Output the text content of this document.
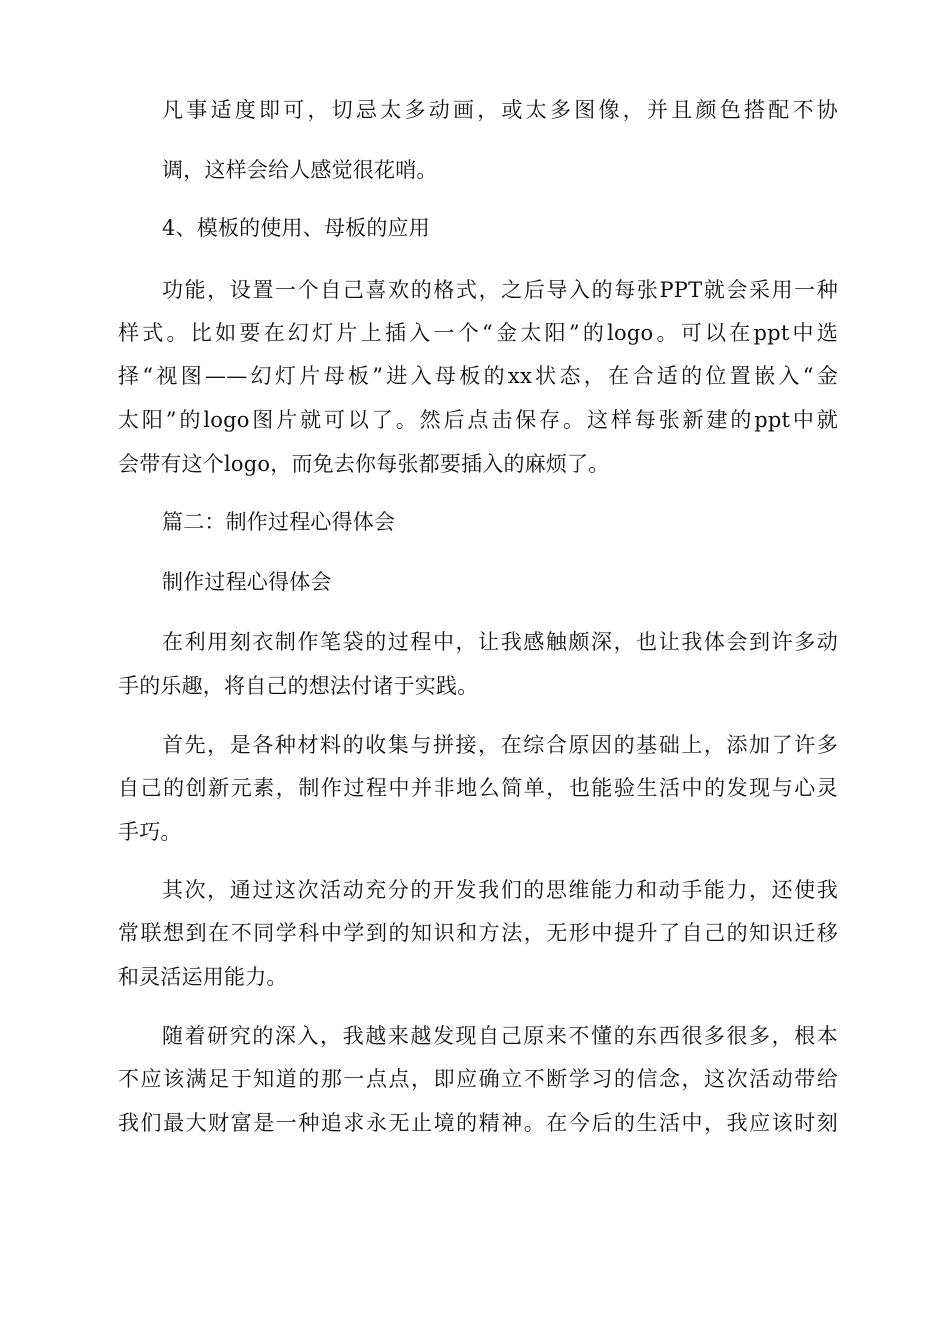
凡事适度即可，切忌太多动画，或太多图像，并且颜色搭配不协
调，这样会给人感觉很花哨。
4、模板的使用、母板的应用
功能，设置一个自己喜欢的格式，之后导入的每张PPT就会采用一种
样式。比如要在幻灯片上插入一个“金太阳”的logo。可以在ppt中选
择“视图——幻灯片母板”进入母板的xx状态，在合适的位置嵌入“金
太阳”的logo图片就可以了。然后点击保存。这样每张新建的ppt中就
会带有这个logo，而免去你每张都要插入的麻烦了。
篇二：制作过程心得体会
制作过程心得体会
在利用刻衣制作笔袋的过程中，让我感触颇深，也让我体会到许多动
手的乐趣，将自己的想法付诸于实践。
首先，是各种材料的收集与拼接，在综合原因的基础上，添加了许多
自己的创新元素，制作过程中并非地么简单，也能验生活中的发现与心灵
手巧。
其次，通过这次活动充分的开发我们的思维能力和动手能力，还使我
常联想到在不同学科中学到的知识和方法，无形中提升了自己的知识迁移
和灵活运用能力。
随着研究的深入，我越来越发现自己原来不懂的东西很多很多，根本
不应该满足于知道的那一点点，即应确立不断学习的信念，这次活动带给
我们最大财富是一种追求永无止境的精神。在今后的生活中，我应该时刻
